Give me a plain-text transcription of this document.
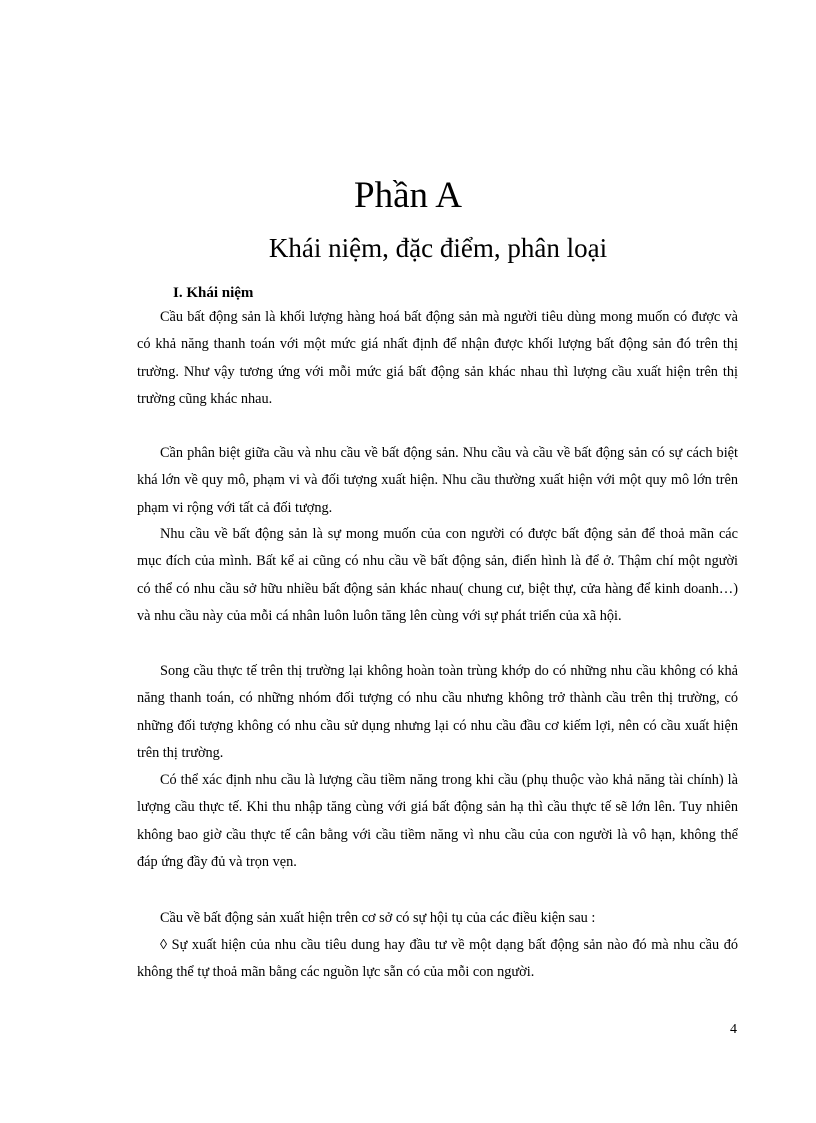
Phần A
Khái niệm, đặc điểm, phân loại
I. Khái niệm
Cầu bất động sản là khối lượng hàng hoá bất động sản mà người tiêu dùng mong muốn có được và có khả năng thanh toán với một mức giá nhất định để nhận được khối lượng bất động sản đó trên thị trường. Như vậy tương ứng với mỗi mức giá bất động sản khác nhau thì lượng cầu xuất hiện trên thị trường cũng khác nhau.
Cần phân biệt giữa cầu và nhu cầu về bất động sản. Nhu cầu và cầu về bất động sản có sự cách biệt khá lớn về quy mô, phạm vi và đối tượng xuất hiện. Nhu cầu thường xuất hiện với một quy mô lớn trên phạm vi rộng với tất cả đối tượng.
Nhu cầu về bất động sản là sự mong muốn của con người có được bất động sản để thoả mãn các mục đích của mình. Bất kể ai cũng có nhu cầu về bất động sản, điển hình là để ở. Thậm chí một người có thể có nhu cầu sở hữu nhiều bất động sản khác nhau( chung cư, biệt thự, cửa hàng để kinh doanh…) và nhu cầu này của mỗi cá nhân luôn luôn tăng lên cùng với sự phát triển của xã hội.
Song cầu thực tế trên thị trường lại không hoàn toàn trùng khớp do có những nhu cầu không có khả năng thanh toán, có những nhóm đối tượng có nhu cầu nhưng không trở thành cầu trên thị trường, có những đối tượng không có nhu cầu sử dụng nhưng lại có nhu cầu đầu cơ kiếm lợi, nên có cầu xuất hiện trên thị trường.
Có thể xác định nhu cầu là lượng cầu tiềm năng trong khi cầu (phụ thuộc vào khả năng tài chính) là lượng cầu thực tế. Khi thu nhập tăng cùng với giá bất động sản hạ thì cầu thực tế sẽ lớn lên. Tuy nhiên không bao giờ cầu thực tế cân bằng với cầu tiềm năng vì nhu cầu của con người là vô hạn, không thể đáp ứng đầy đủ và trọn vẹn.
Cầu về bất động sản xuất hiện trên cơ sở có sự hội tụ của các điều kiện sau :
◊ Sự xuất hiện của nhu cầu tiêu dung hay đầu tư về một dạng bất động sản nào đó mà nhu cầu đó không thể tự thoả mãn bằng các nguồn lực sẵn có của mỗi con người.
4
